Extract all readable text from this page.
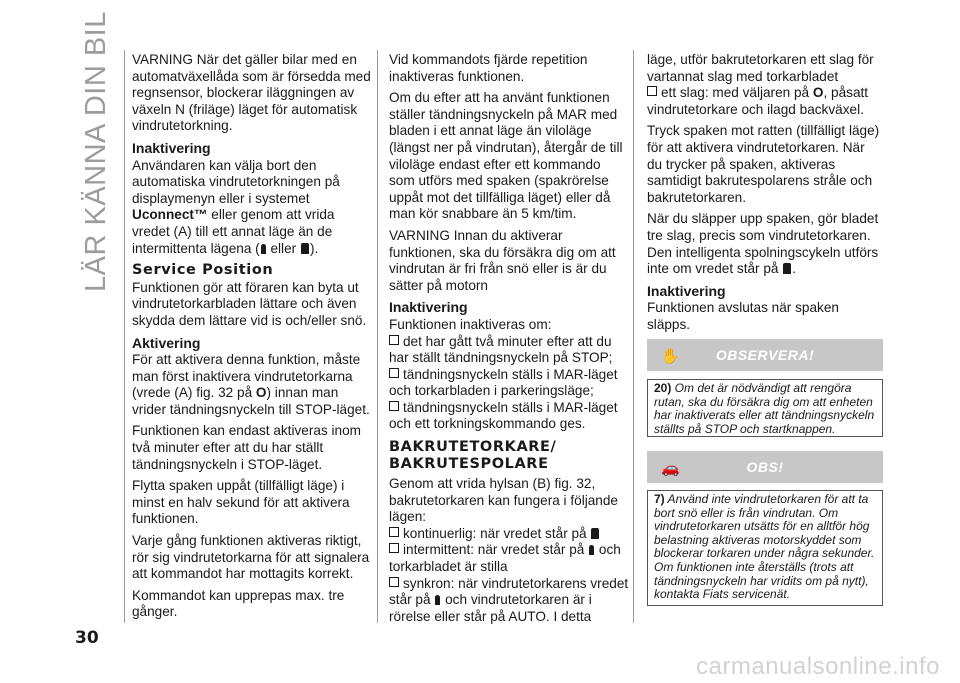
LÄR KÄNNA DIN BIL VARNING När det gäller bilar med en automatväxellåda som är försedda med regnsensor, blockerar iläggningen av växeln N (friläge) läget för automatisk vindrutetorkning.

Inaktivering

Användaren kan välja bort den automatiska vindrutetorkningen på displaymenyn eller i systemet Uconnect™ eller genom att vrida vredet (A) till ett annat läge än de intermittenta lägena ( eller ).

Service Position

Funktionen gör att föraren kan byta ut vindrutetorkarbladen lättare och även skydda dem lättare vid is och/eller snö.

Aktivering

För att aktivera denna funktion, måste man först inaktivera vindrutetorkarna (vrede (A) fig. 32 på O) innan man vrider tändningsnyckeln till STOP-läget.

Funktionen kan endast aktiveras inom två minuter efter att du har ställt tändningsnyckeln i STOP-läget.

Flytta spaken uppåt (tillfälligt läge) i minst en halv sekund för att aktivera funktionen.

Varje gång funktionen aktiveras riktigt, rör sig vindrutetorkarna för att signalera att kommandot har mottagits korrekt.

Kommandot kan upprepas max. tre gånger.

Vid kommandots fjärde repetition inaktiveras funktionen.

Om du efter att ha använt funktionen ställer tändningsnyckeln på MAR med bladen i ett annat läge än viloläge (längst ner på vindrutan), återgår de till viloläge endast efter ett kommando som utförs med spaken (spakrörelse uppåt mot det tillfälliga läget) eller då man kör snabbare än 5 km/tim.

VARNING Innan du aktiverar funktionen, ska du försäkra dig om att vindrutan är fri från snö eller is är du sätter på motorn

Inaktivering

Funktionen inaktiveras om:

det har gått två minuter efter att du har ställt tändningsnyckeln på STOP;
tändningsnyckeln ställs i MAR-läget och torkarbladen i parkeringsläge;
tändningsnyckeln ställs i MAR-läget och ett torkningskommando ges.
BAKRUTETORKARE/
BAKRUTESPOLARE

Genom att vrida hylsan (B) fig. 32, bakrutetorkaren kan fungera i följande lägen:

kontinuerlig: när vredet står på
intermittent: när vredet står på  och torkarbladet är stilla
synkron: när vindrutetorkarens vredet står på  och vindrutetorkaren är i rörelse eller står på AUTO. I detta

läge, utför bakrutetorkaren ett slag för vartannat slag med torkarbladet

ett slag: med väljaren på O, påsatt vindrutetorkare och ilagd backväxel.

Tryck spaken mot ratten (tillfälligt läge) för att aktivera vindrutetorkaren. När du trycker på spaken, aktiveras samtidigt bakrutespolarens stråle och bakrutetorkaren.

När du släpper upp spaken, gör bladet tre slag, precis som vindrutetorkaren. Den intelligenta spolningscykeln utförs inte om vredet står på .

Inaktivering

Funktionen avslutas när spaken släpps.

✋	OBSERVERA!
20) Om det är nödvändigt att rengöra rutan, ska du försäkra dig om att enheten har inaktiverats eller att tändningsnyckeln ställts på STOP och startknappen.
🚗	OBS!
7) Använd inte vindrutetorkaren för att ta bort snö eller is från vindrutan. Om vindrutetorkaren utsätts för en alltför hög belastning aktiveras motorskyddet som blockerar torkaren under några sekunder. Om funktionen inte återställs (trots att tändningsnyckeln har vridits om på nytt), kontakta Fiats servicenät.
30
carmanualsonline.info
